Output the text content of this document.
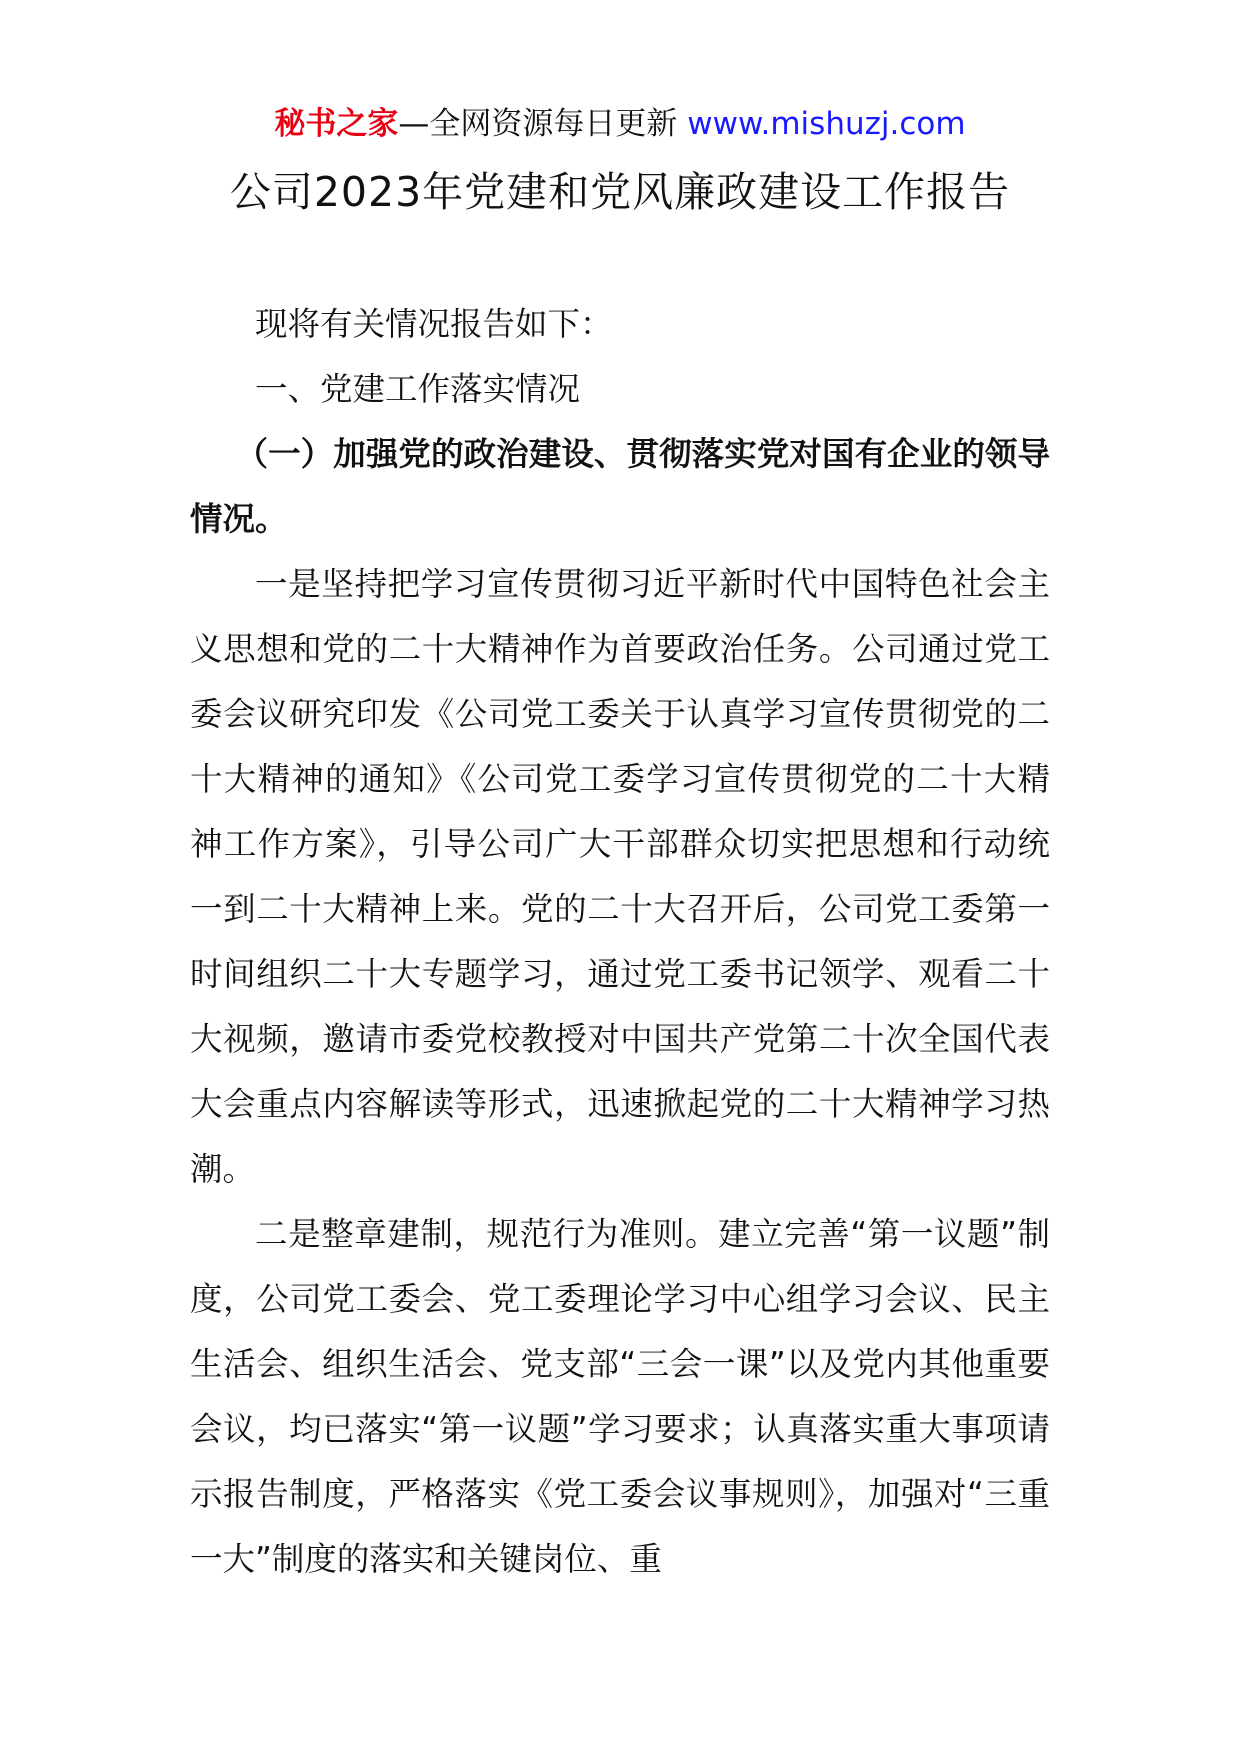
秘书之家—全网资源每日更新 www.mishuzj.com
公司2023年党建和党风廉政建设工作报告

现将有关情况报告如下：

一、党建工作落实情况

（一）加强党的政治建设、贯彻落实党对国有企业的领导情况。

一是坚持把学习宣传贯彻习近平新时代中国特色社会主义思想和党的二十大精神作为首要政治任务。公司通过党工委会议研究印发《公司党工委关于认真学习宣传贯彻党的二十大精神的通知》《公司党工委学习宣传贯彻党的二十大精神工作方案》，引导公司广大干部群众切实把思想和行动统一到二十大精神上来。党的二十大召开后，公司党工委第一时间组织二十大专题学习，通过党工委书记领学、观看二十大视频，邀请市委党校教授对中国共产党第二十次全国代表大会重点内容解读等形式，迅速掀起党的二十大精神学习热潮。

二是整章建制，规范行为准则。建立完善“第一议题”制度，公司党工委会、党工委理论学习中心组学习会议、民主生活会、组织生活会、党支部“三会一课”以及党内其他重要会议，均已落实“第一议题”学习要求；认真落实重大事项请示报告制度，严格落实《党工委会议事规则》，加强对“三重一大”制度的落实和关键岗位、重
